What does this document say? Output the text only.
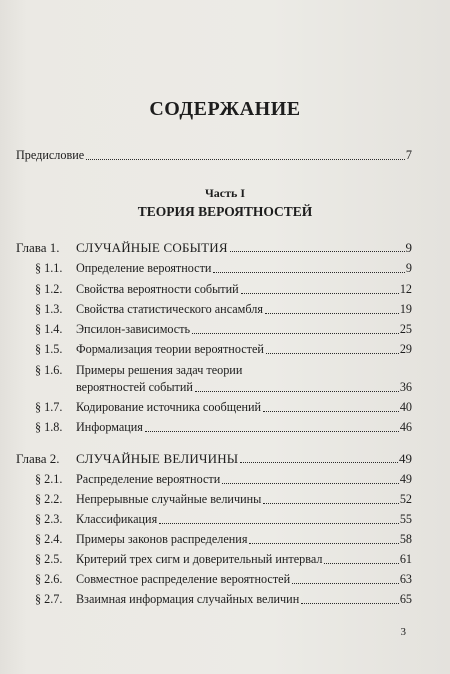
СОДЕРЖАНИЕ
Предисловие	7
Часть I
ТЕОРИЯ ВЕРОЯТНОСТЕЙ
Глава 1.	СЛУЧАЙНЫЕ СОБЫТИЯ	9
§ 1.1.	Определение вероятности	9
§ 1.2.	Свойства вероятности событий	12
§ 1.3.	Свойства статистического ансамбля	19
§ 1.4.	Эпсилон-зависимость	25
§ 1.5.	Формализация теории вероятностей	29
§ 1.6.	Примеры решения задач теории
вероятностей событий	36
§ 1.7.	Кодирование источника сообщений	40
§ 1.8.	Информация	46
Глава 2.	СЛУЧАЙНЫЕ ВЕЛИЧИНЫ	49
§ 2.1.	Распределение вероятности	49
§ 2.2.	Непрерывные случайные величины	52
§ 2.3.	Классификация	55
§ 2.4.	Примеры законов распределения	58
§ 2.5.	Критерий трех сигм и доверительный интервал	61
§ 2.6.	Совместное распределение вероятностей	63
§ 2.7.	Взаимная информация случайных величин	65
3
